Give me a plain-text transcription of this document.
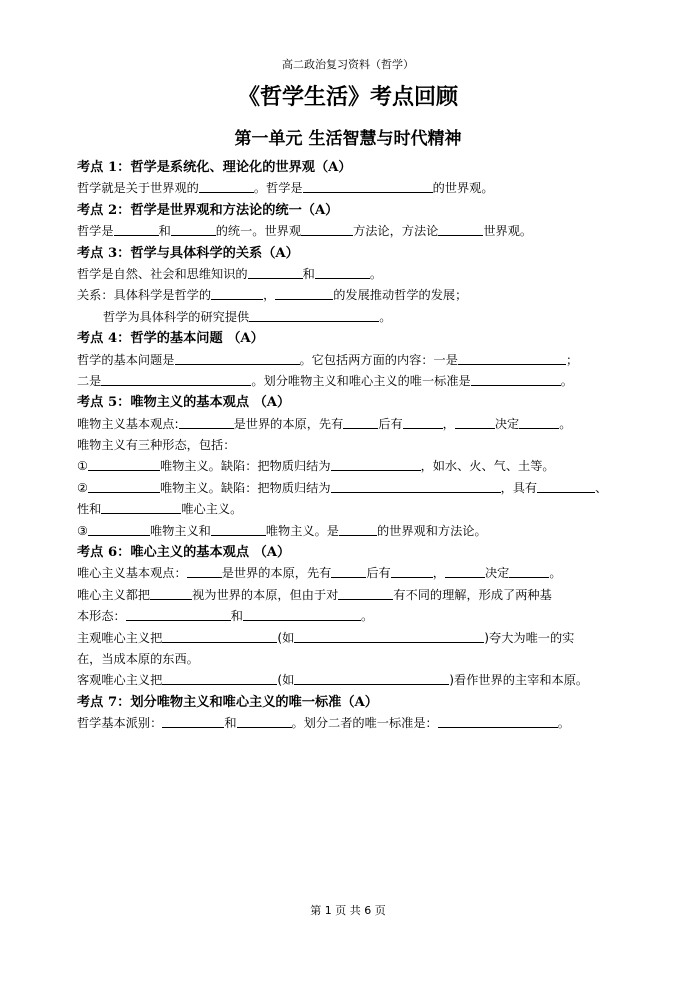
高二政治复习资料（哲学）
《哲学生活》考点回顾
第一单元 生活智慧与时代精神
考点 1：哲学是系统化、理论化的世界观（A）
哲学就是关于世界观的	。哲学是	的世界观。
考点 2：哲学是世界观和方法论的统一（A）
哲学是	和	的统一。世界观	方法论，方法论	世界观。
考点 3：哲学与具体科学的关系（A）
哲学是自然、社会和思维知识的	和	。
关系：具体科学是哲学的	，	的发展推动哲学的发展；
哲学为具体科学的研究提供	。
考点 4：哲学的基本问题 （A）
哲学的基本问题是	。它包括两方面的内容：一是	；
二是	。划分唯物主义和唯心主义的唯一标准是	。
考点 5：唯物主义的基本观点 （A）
唯物主义基本观点:	是世界的本原，先有	后有	，	决定	。
唯物主义有三种形态，包括：
①	唯物主义。缺陷：把物质归结为	，如水、火、气、土等。
②	唯物主义。缺陷：把物质归结为	，具有	、
性和	唯心主义。
③	唯物主义和	唯物主义。是	的世界观和方法论。
考点 6：唯心主义的基本观点 （A）
唯心主义基本观点：	是世界的本原，先有	后有	，	决定	。
唯心主义都把	视为世界的本原，但由于对	有不同的理解，形成了两种基
本形态：	和	。
主观唯心主义把	(如	)夸大为唯一的实
在，当成本原的东西。
客观唯心主义把	(如	)看作世界的主宰和本原。
考点 7：划分唯物主义和唯心主义的唯一标准（A）
哲学基本派别：	和	。划分二者的唯一标准是：	。
第 1 页 共 6 页
